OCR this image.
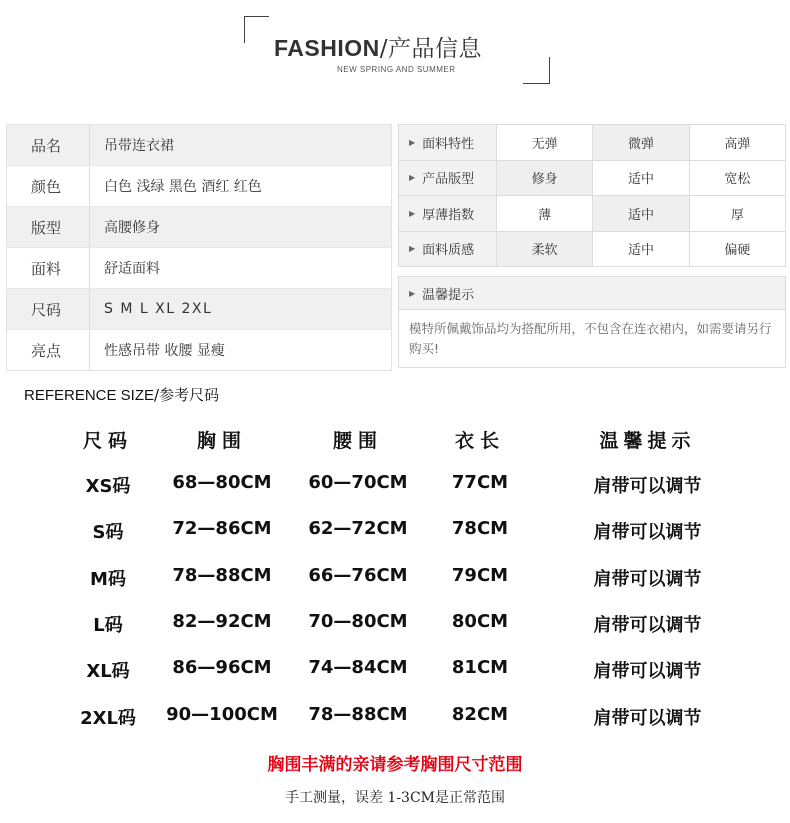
FASHION/产品信息
NEW SPRING AND SUMMER
品名	吊带连衣裙
颜色	白色 浅绿 黑色 酒红 红色
版型	高腰修身
面料	舒适面料
尺码	S M L XL 2XL
亮点	性感吊带 收腰 显瘦
▶ 面料特性	无弹	微弹	高弹
▶ 产品版型	修身	适中	宽松
▶ 厚薄指数	薄	适中	厚
▶ 面料质感	柔软	适中	偏硬
▶ 温馨提示
模特所佩戴饰品均为搭配所用，不包含在连衣裙内，如需要请另行购买!
REFERENCE SIZE/参考尺码
尺码	胸围	腰围	衣长	温馨提示
XS码	68—80CM	60—70CM	77CM	肩带可以调节
S码	72—86CM	62—72CM	78CM	肩带可以调节
M码	78—88CM	66—76CM	79CM	肩带可以调节
L码	82—92CM	70—80CM	80CM	肩带可以调节
XL码	86—96CM	74—84CM	81CM	肩带可以调节
2XL码	90—100CM	78—88CM	82CM	肩带可以调节
胸围丰满的亲请参考胸围尺寸范围
手工测量，误差 1-3CM是正常范围
